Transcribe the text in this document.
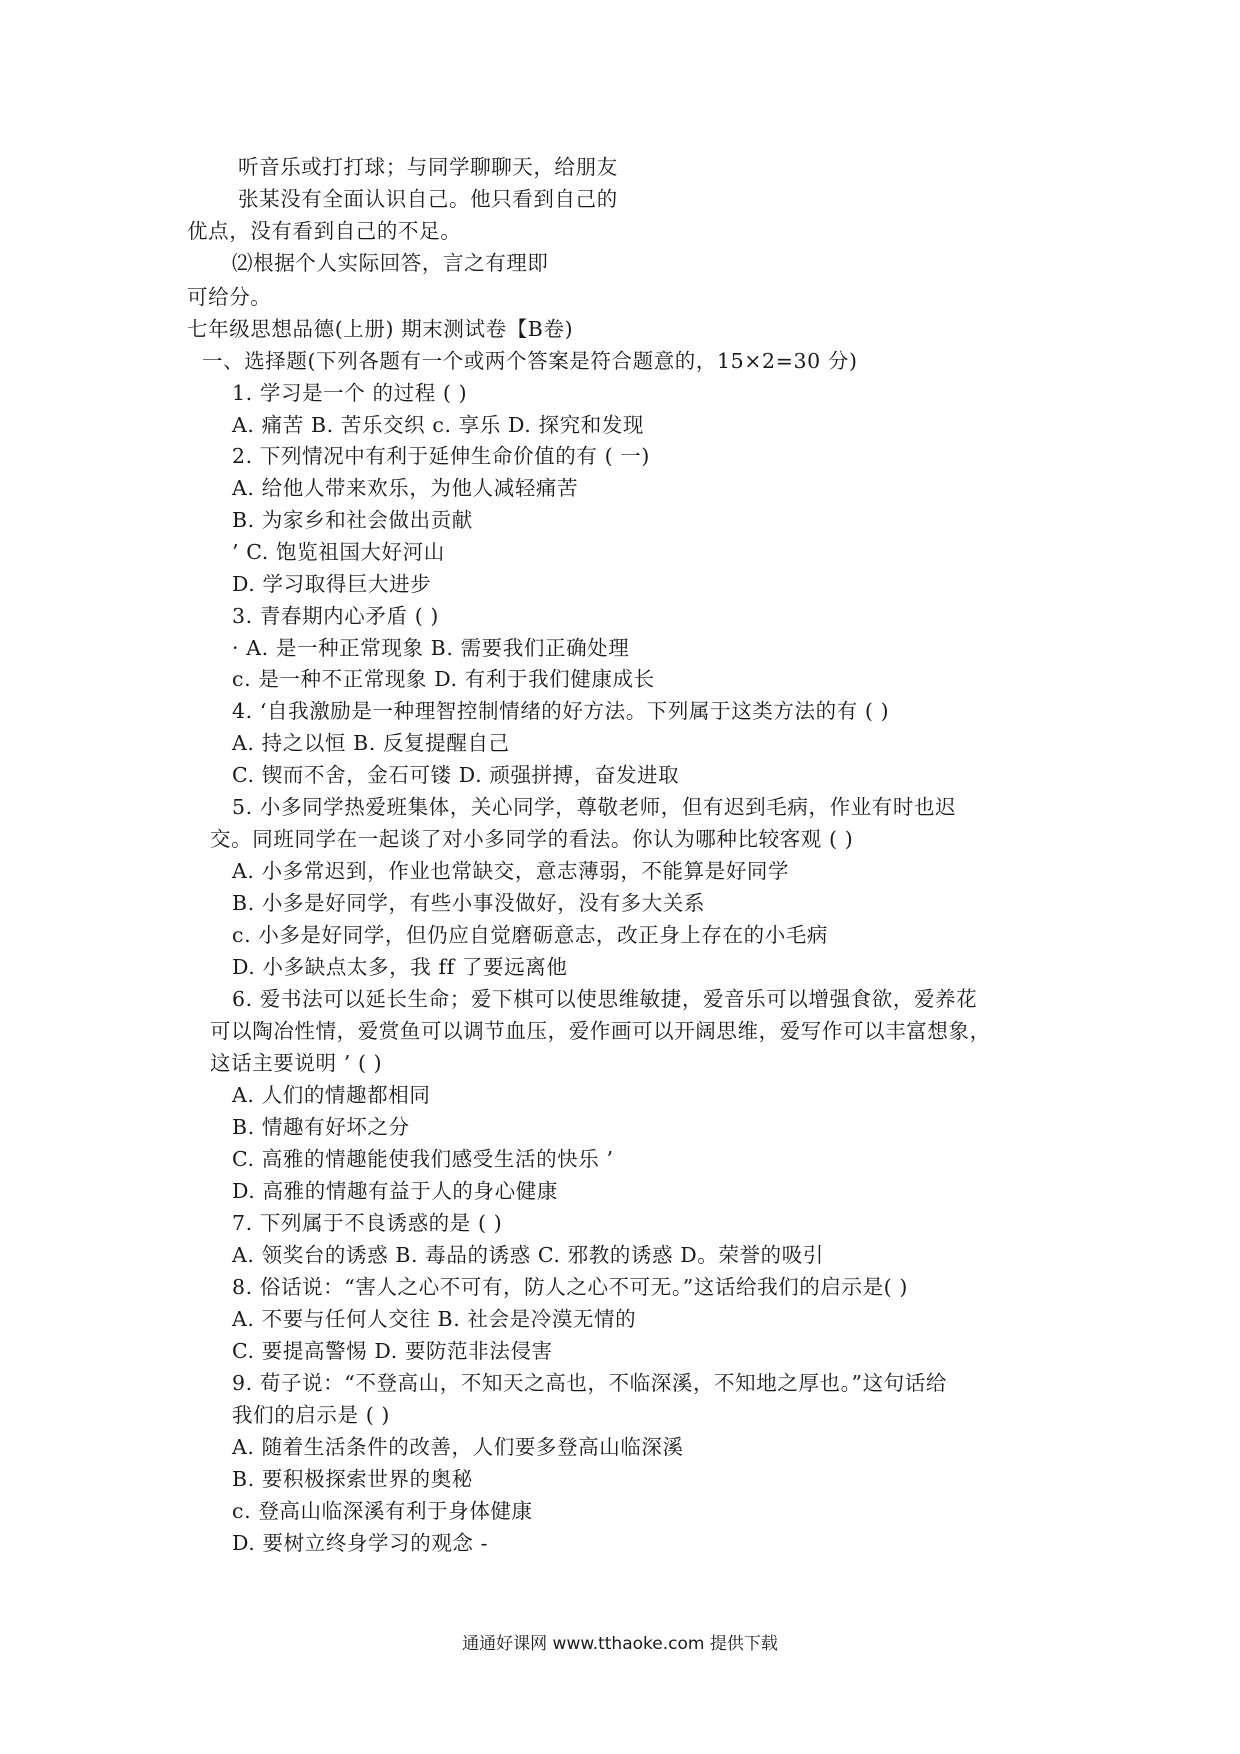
听音乐或打打球；与同学聊聊天，给朋友
张某没有全面认识自己。他只看到自己的
优点，没有看到自己的不足。
⑵根据个人实际回答，言之有理即
可给分。
七年级思想品德(上册) 期末测试卷【B卷)
一、选择题(下列各题有一个或两个答案是符合题意的，15×2=30 分)
1. 学习是一个 的过程 ( )
A. 痛苦 B. 苦乐交织 c. 享乐 D. 探究和发现
2. 下列情况中有利于延伸生命价值的有 ( 一)
A. 给他人带来欢乐，为他人减轻痛苦
B. 为家乡和社会做出贡献
’ C. 饱览祖国大好河山
D. 学习取得巨大进步
3. 青春期内心矛盾 ( )
· A. 是一种正常现象 B. 需要我们正确处理
c. 是一种不正常现象 D. 有利于我们健康成长
4. ‘自我激励是一种理智控制情绪的好方法。下列属于这类方法的有 ( )
A. 持之以恒 B. 反复提醒自己
C. 锲而不舍，金石可镂 D. 顽强拼搏，奋发进取
5. 小多同学热爱班集体，关心同学，尊敬老师，但有迟到毛病，作业有时也迟
交。同班同学在一起谈了对小多同学的看法。你认为哪种比较客观 ( )
A. 小多常迟到，作业也常缺交，意志薄弱，不能算是好同学
B. 小多是好同学，有些小事没做好，没有多大关系
c. 小多是好同学，但仍应自觉磨砺意志，改正身上存在的小毛病
D. 小多缺点太多，我 ff 了要远离他
6. 爱书法可以延长生命；爱下棋可以使思维敏捷，爱音乐可以增强食欲，爱养花
可以陶冶性情，爱赏鱼可以调节血压，爱作画可以开阔思维，爱写作可以丰富想象，
这话主要说明 ’ ( )
A. 人们的情趣都相同
B. 情趣有好坏之分
C. 高雅的情趣能使我们感受生活的快乐 ’
D. 高雅的情趣有益于人的身心健康
7. 下列属于不良诱惑的是 ( )
A. 领奖台的诱惑 B. 毒品的诱惑 C. 邪教的诱惑 D。荣誉的吸引
8. 俗话说：“害人之心不可有，防人之心不可无。”这话给我们的启示是( )
A. 不要与任何人交往 B. 社会是冷漠无情的
C. 要提高警惕 D. 要防范非法侵害
9. 荀子说：“不登高山，不知天之高也，不临深溪，不知地之厚也。”这句话给
我们的启示是 ( )
A. 随着生活条件的改善，人们要多登高山临深溪
B. 要积极探索世界的奥秘
c. 登高山临深溪有利于身体健康
D. 要树立终身学习的观念 -
通通好课网 www.tthaoke.com 提供下载
